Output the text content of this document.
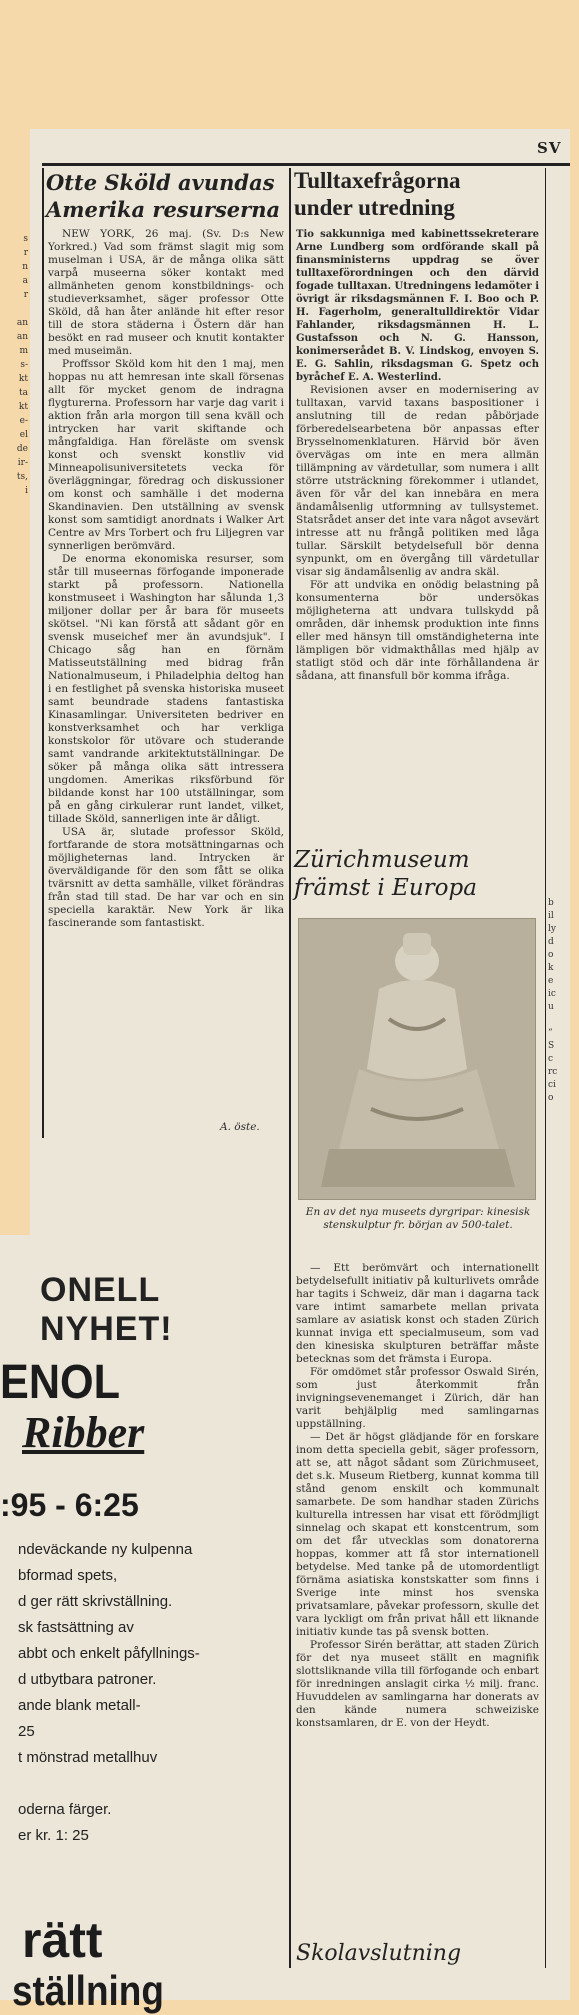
SV
s
r
n
a
r

an
an
m
s-
kt
ta
kt
e-
el
de
ir-
ts,
i
Otte Sköld avundas
Amerika resurserna

NEW YORK, 26 maj. (Sv. D:s New Yorkred.) Vad som främst slagit mig som muselman i USA, är de många olika sätt varpå museerna söker kontakt med allmänheten genom konstbildnings- och studieverksamhet, säger professor Otte Sköld, då han åter anlände hit efter resor till de stora städerna i Östern där han besökt en rad museer och knutit kontakter med museimän.

Proffssor Sköld kom hit den 1 maj, men hoppas nu att hemresan inte skall försenas allt för mycket genom de indragna flygturerna. Professorn har varje dag varit i aktion från arla morgon till sena kväll och intrycken har varit skiftande och mångfaldiga. Han föreläste om svensk konst och svenskt konstliv vid Minneapolisuniversitetets vecka för överläggningar, föredrag och diskussioner om konst och samhälle i det moderna Skandinavien. Den utställning av svensk konst som samtidigt anordnats i Walker Art Centre av Mrs Torbert och fru Liljegren var synnerligen berömvärd.

De enorma ekonomiska resurser, som står till museernas förfogande imponerade starkt på professorn. Nationella konstmuseet i Washington har sålunda 1,3 miljoner dollar per år bara för museets skötsel. "Ni kan förstå att sådant gör en svensk museichef mer än avundsjuk". I Chicago såg han en förnäm Matisseutställning med bidrag från Nationalmuseum, i Philadelphia deltog han i en festlighet på svenska historiska museet samt beundrade stadens fantastiska Kinasamlingar. Universiteten bedriver en konstverksamhet och har verkliga konstskolor för utövare och studerande samt vandrande arkitektutställningar. De söker på många olika sätt intressera ungdomen. Amerikas riksförbund för bildande konst har 100 utställningar, som på en gång cirkulerar runt landet, vilket, tillade Sköld, sannerligen inte är dåligt.

USA är, slutade professor Sköld, fortfarande de stora motsättningarnas och möjligheternas land. Intrycken är överväldigande för den som fått se olika tvärsnitt av detta samhälle, vilket förändras från stad till stad. De har var och en sin speciella karaktär. New York är lika fascinerande som fantastiskt.

A. öste.
Tulltaxefrågorna
under utredning
Tio sakkunniga med kabinettssekreterare Arne Lundberg som ordförande skall på finansministerns uppdrag se över tulltaxeförordningen och den därvid fogade tulltaxan. Utredningens ledamöter i övrigt är riksdagsmännen F. I. Boo och P. H. Fagerholm, generaltulldirektör Vidar Fahlander, riksdagsmännen H. L. Gustafsson och N. G. Hansson, konimerserådet B. V. Lindskog, envoyen S. E. G. Sahlin, riksdagsman G. Spetz och byråchef E. A. Westerlind.

Revisionen avser en modernisering av tulltaxan, varvid taxans baspositioner i anslutning till de redan påbörjade förberedelsearbetena bör anpassas efter Brysselnomenklaturen. Härvid bör även övervägas om inte en mera allmän tillämpning av värdetullar, som numera i allt större utsträckning förekommer i utlandet, även för vår del kan innebära en mera ändamålsenlig utformning av tullsystemet. Statsrådet anser det inte vara något avsevärt intresse att nu frångå politiken med låga tullar. Särskilt betydelsefull bör denna synpunkt, om en övergång till värdetullar visar sig ändamålsenlig av andra skäl.

För att undvika en onödig belastning på konsumenterna bör undersökas möjligheterna att undvara tullskydd på områden, där inhemsk produktion inte finns eller med hänsyn till omständigheterna inte lämpligen bör vidmakthållas med hjälp av statligt stöd och där inte förhållandena är sådana, att finansfull bör komma ifråga.

Zürichmuseum
främst i Europa
En av det nya museets dyrgripar: kinesisk stenskulptur fr. början av 500-talet.

— Ett berömvärt och internationellt betydelsefullt initiativ på kulturlivets område har tagits i Schweiz, där man i dagarna tack vare intimt samarbete mellan privata samlare av asiatisk konst och staden Zürich kunnat inviga ett specialmuseum, som vad den kinesiska skulpturen beträffar måste betecknas som det främsta i Europa.

För omdömet står professor Oswald Sirén, som just återkommit från invigningsevenemanget i Zürich, där han varit behjälplig med samlingarnas uppställning.

— Det är högst glädjande för en forskare inom detta speciella gebit, säger professorn, att se, att något sådant som Zürichmuseet, det s.k. Museum Rietberg, kunnat komma till stånd genom enskilt och kommunalt samarbete. De som handhar staden Zürichs kulturella intressen har visat ett förödmjligt sinnelag och skapat ett konstcentrum, som om det får utvecklas som donatorerna hoppas, kommer att få stor internationell betydelse. Med tanke på de utomordentligt förnäma asiatiska konstskatter som finns i Sverige inte minst hos svenska privatsamlare, påvekar professorn, skulle det vara lyckligt om från privat håll ett liknande initiativ kunde tas på svensk botten.

Professor Sirén berättar, att staden Zürich för det nya museet ställt en magnifik slottsliknande villa till förfogande och enbart för inredningen anslagit cirka ½ milj. franc. Huvuddelen av samlingarna har donerats av den kände numera schweiziske konstsamlaren, dr E. von der Heydt.

Skolavslutning
b
il
ly
d
o
k
e
ic
u

“
S
c
rc
ci
o

ONELL NYHET!
ENOL
Ribber
:95 - 6:25
ndeväckande ny kulpenna
bformad spets,
d ger rätt skrivställning.
sk fastsättning av
abbt och enkelt påfyllnings-
d utbytbara patroner.
ande blank metall-
25
t mönstrad metallhuv
oderna färger.
er kr. 1: 25
rätt
ställning
